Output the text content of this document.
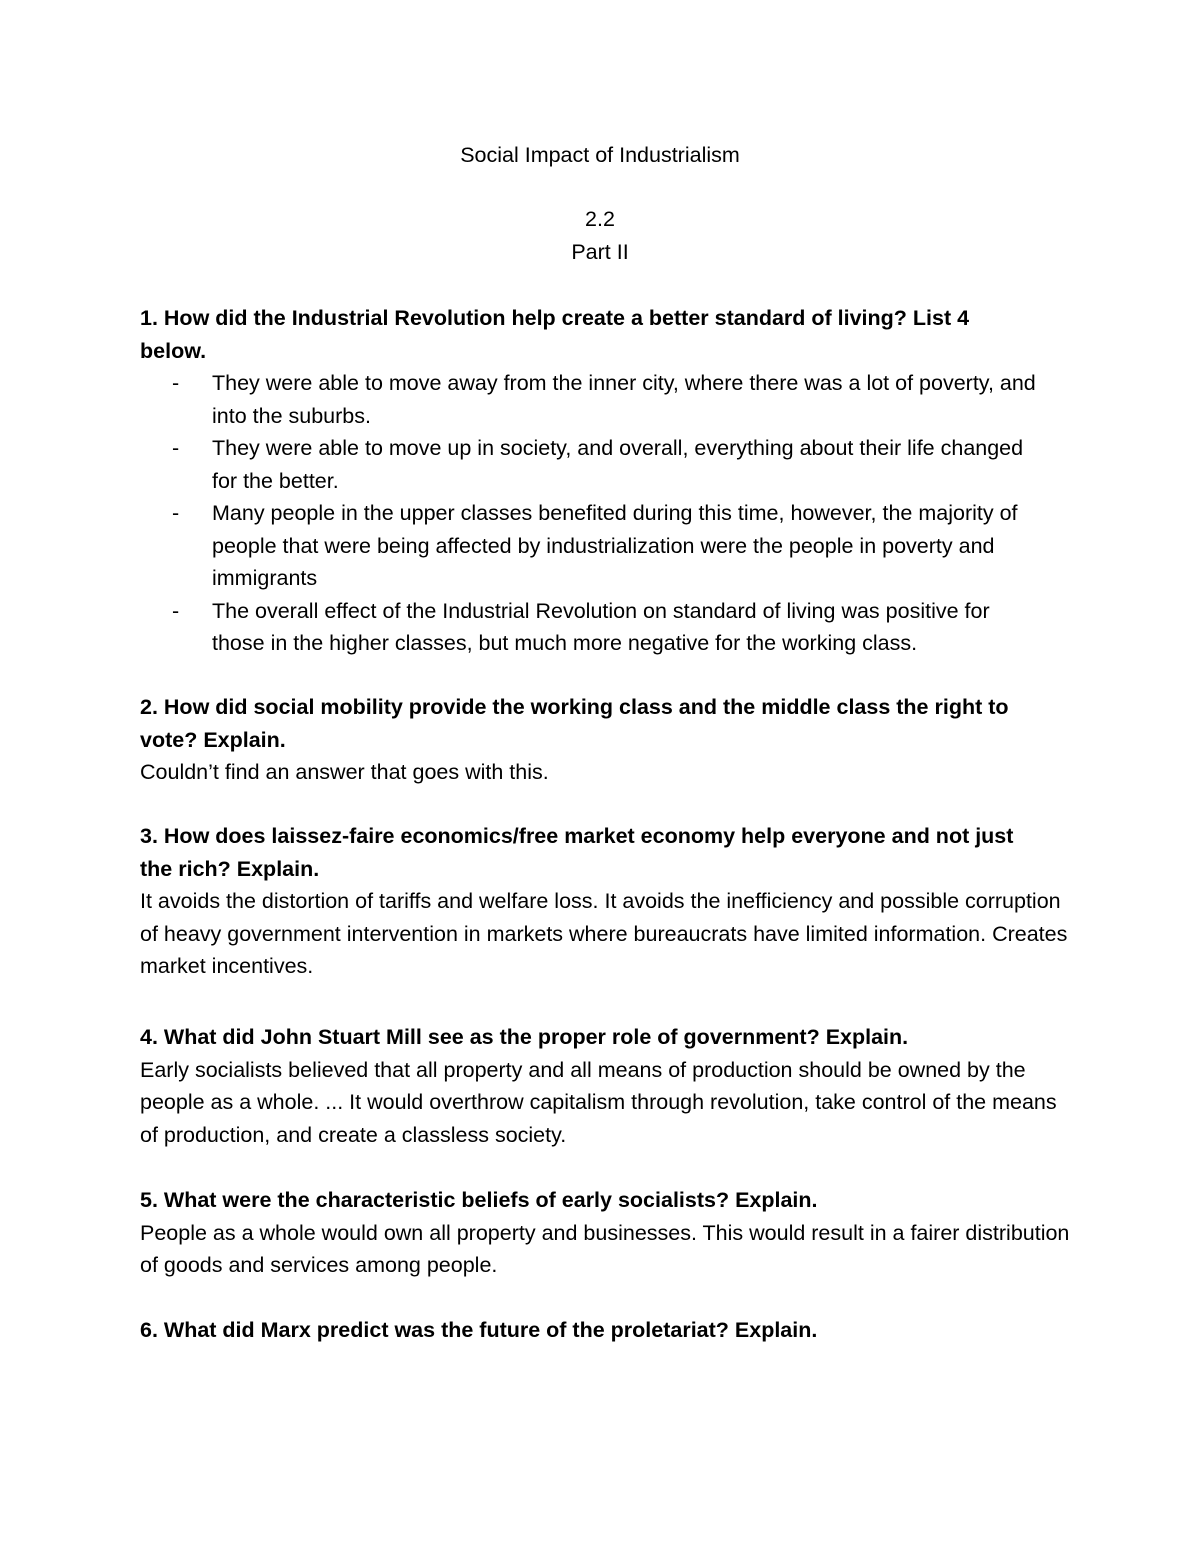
Social Impact of Industrialism
2.2
Part II

1. How did the Industrial Revolution help create a better standard of living? List 4 below.

- They were able to move away from the inner city, where there was a lot of poverty, and into the suburbs.
- They were able to move up in society, and overall, everything about their life changed for the better.
- Many people in the upper classes benefited during this time, however, the majority of people that were being affected by industrialization were the people in poverty and immigrants
- The overall effect of the Industrial Revolution on standard of living was positive for those in the higher classes, but much more negative for the working class.

2. How did social mobility provide the working class and the middle class the right to vote? Explain.

Couldn’t find an answer that goes with this.

3. How does laissez-faire economics/free market economy help everyone and not just the rich? Explain.

It avoids the distortion of tariffs and welfare loss. It avoids the inefficiency and possible corruption of heavy government intervention in markets where bureaucrats have limited information. Creates market incentives.

4. What did John Stuart Mill see as the proper role of government? Explain.

Early socialists believed that all property and all means of production should be owned by the people as a whole. ... It would overthrow capitalism through revolution, take control of the means of production, and create a classless society.

5. What were the characteristic beliefs of early socialists? Explain.

People as a whole would own all property and businesses. This would result in a fairer distribution of goods and services among people.

6. What did Marx predict was the future of the proletariat? Explain.
